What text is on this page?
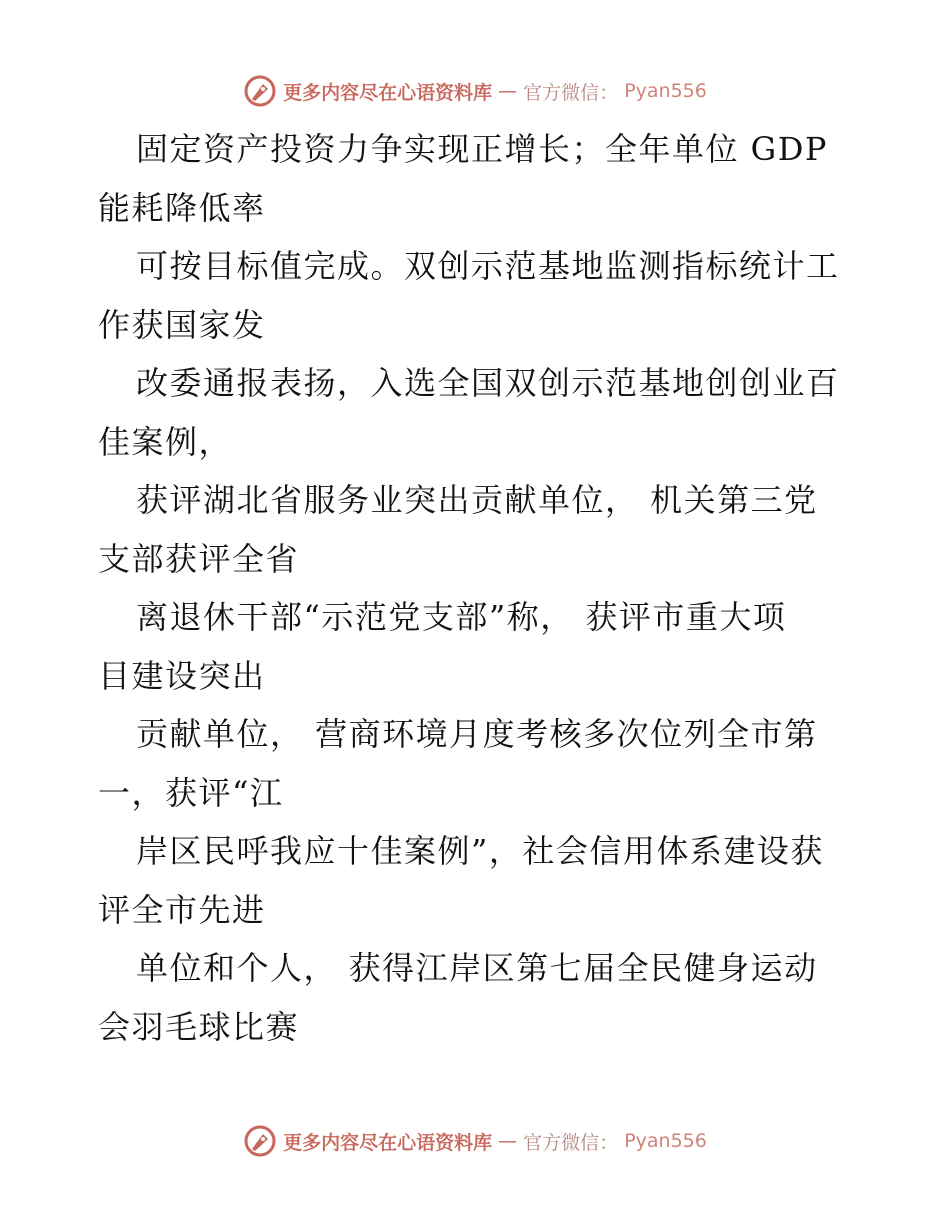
更多内容尽在心语资料库 — 官方微信： Pyan556
固定资产投资力争实现正增长；全年单位 GDP
能耗降低率
可按目标值完成。双创示范基地监测指标统计工
作获国家发
改委通报表扬，入选全国双创示范基地创创业百
佳案例，
获评湖北省服务业突出贡献单位， 机关第三党
支部获评全省
离退休干部“示范党支部”称， 获评市重大项
目建设突出
贡献单位， 营商环境月度考核多次位列全市第
一，获评“江
岸区民呼我应十佳案例”，社会信用体系建设获
评全市先进
单位和个人， 获得江岸区第七届全民健身运动
会羽毛球比赛
更多内容尽在心语资料库 — 官方微信： Pyan556
